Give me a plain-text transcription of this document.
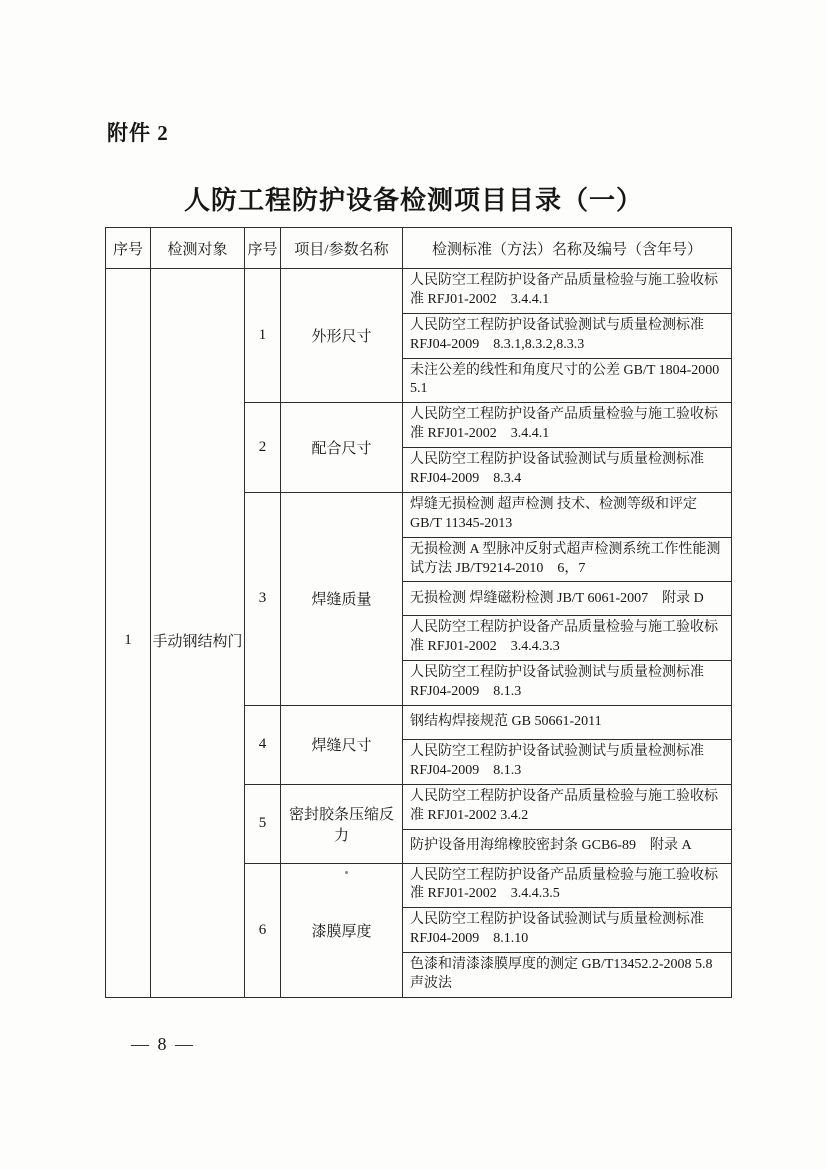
附件 2
人防工程防护设备检测项目目录（一）
序号	检测对象	序号	项目/参数名称	检测标准（方法）名称及编号（含年号）
1	手动钢结构门	1	外形尺寸	人民防空工程防护设备产品质量检验与施工验收标准 RFJ01-2002　3.4.4.1
				人民防空工程防护设备试验测试与质量检测标准 RFJ04-2009　8.3.1,8.3.2,8.3.3
				未注公差的线性和角度尺寸的公差 GB/T 1804-2000 5.1
		2	配合尺寸	人民防空工程防护设备产品质量检验与施工验收标准 RFJ01-2002　3.4.4.1
				人民防空工程防护设备试验测试与质量检测标准 RFJ04-2009　8.3.4
		3	焊缝质量	焊缝无损检测 超声检测 技术、检测等级和评定 GB/T 11345-2013
				无损检测 A 型脉冲反射式超声检测系统工作性能测试方法 JB/T9214-2010　6，7
				无损检测 焊缝磁粉检测 JB/T 6061-2007　附录 D
				人民防空工程防护设备产品质量检验与施工验收标准 RFJ01-2002　3.4.4.3.3
				人民防空工程防护设备试验测试与质量检测标准 RFJ04-2009　8.1.3
		4	焊缝尺寸	钢结构焊接规范 GB 50661-2011
				人民防空工程防护设备试验测试与质量检测标准 RFJ04-2009　8.1.3
		5	密封胶条压缩反力	人民防空工程防护设备产品质量检验与施工验收标准 RFJ01-2002 3.4.2
				防护设备用海绵橡胶密封条 GCB6-89　附录 A
		6	漆膜厚度	人民防空工程防护设备产品质量检验与施工验收标准 RFJ01-2002　3.4.4.3.5
				人民防空工程防护设备试验测试与质量检测标准 RFJ04-2009　8.1.10
				色漆和清漆漆膜厚度的测定 GB/T13452.2-2008 5.8 声波法
— 8 —
